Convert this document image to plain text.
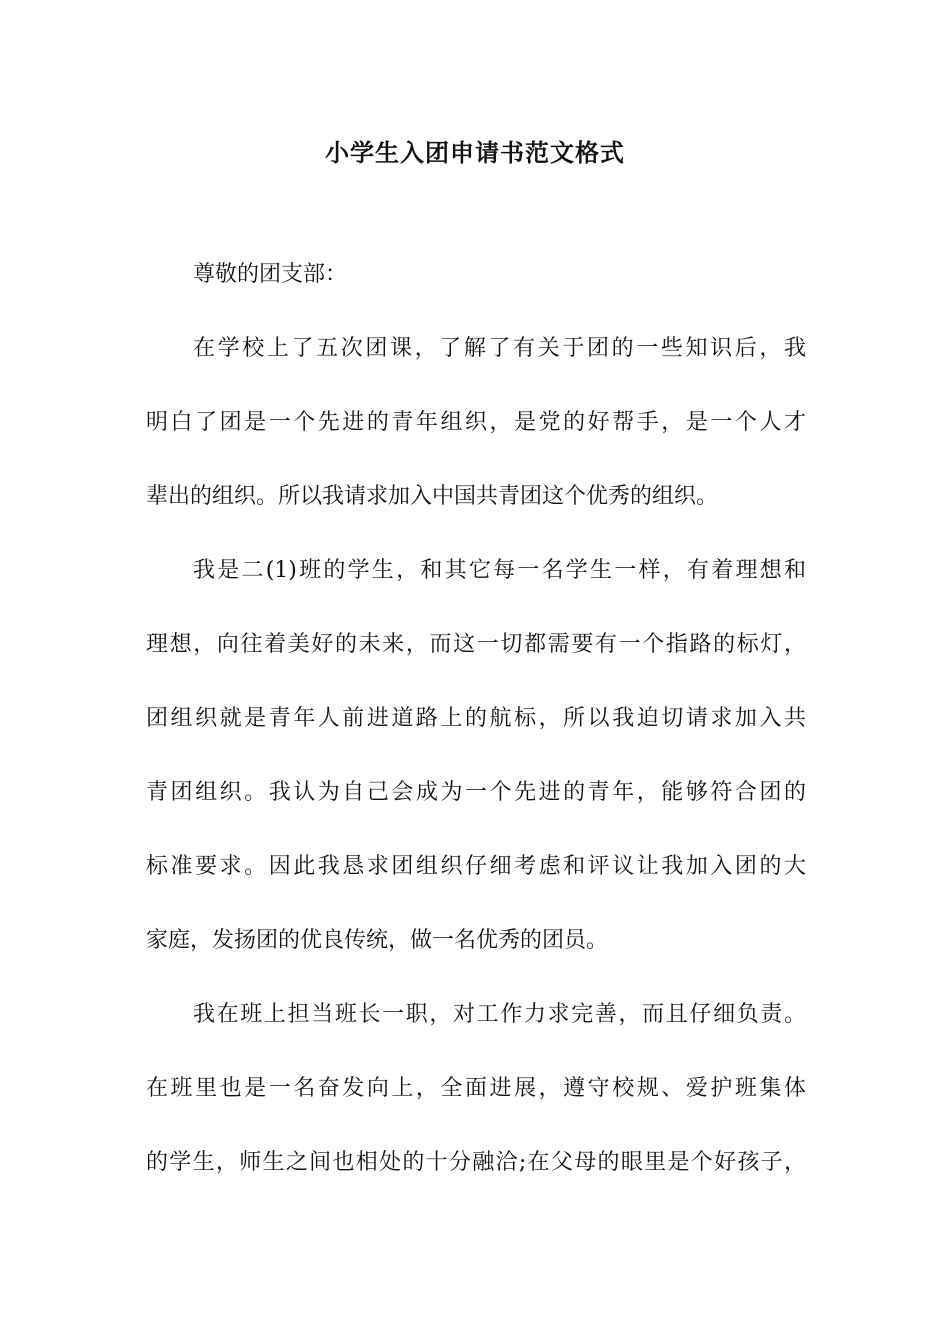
小学生入团申请书范文格式
尊敬的团支部：
在学校上了五次团课，了解了有关于团的一些知识后，我
明白了团是一个先进的青年组织，是党的好帮手，是一个人才
辈出的组织。所以我请求加入中国共青团这个优秀的组织。
我是二(1)班的学生，和其它每一名学生一样，有着理想和
理想，向往着美好的未来，而这一切都需要有一个指路的标灯，
团组织就是青年人前进道路上的航标，所以我迫切请求加入共
青团组织。我认为自己会成为一个先进的青年，能够符合团的
标准要求。因此我恳求团组织仔细考虑和评议让我加入团的大
家庭，发扬团的优良传统，做一名优秀的团员。
我在班上担当班长一职，对工作力求完善，而且仔细负责。
在班里也是一名奋发向上，全面进展，遵守校规、爱护班集体
的学生，师生之间也相处的十分融洽;在父母的眼里是个好孩子，
